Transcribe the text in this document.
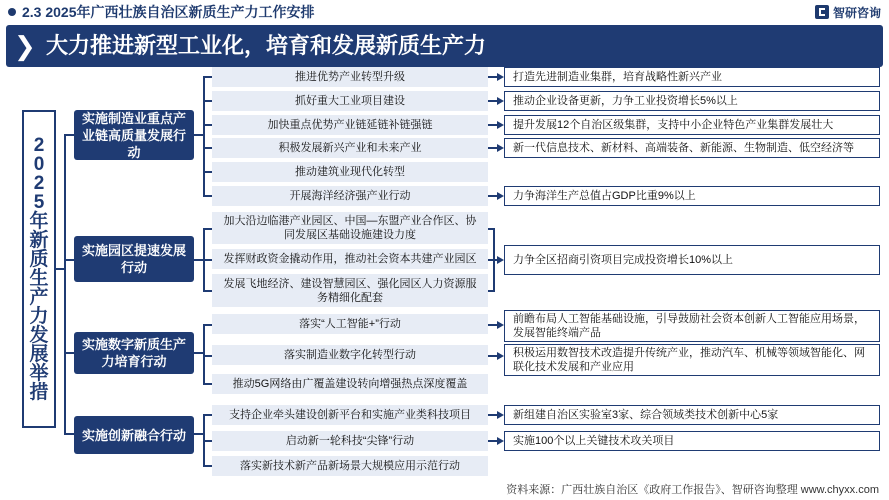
2.3 2025年广西壮族自治区新质生产力工作安排	智研咨询
❯ 大力推进新型工业化，培育和发展新质生产力
2
0
2
5
年
新
质
生
产
力
发
展
举
措
实施制造业重点产业链高质量发展行动
实施园区提速发展行动
实施数字新质生产力培育行动
实施创新融合行动
推进优势产业转型升级
抓好重大工业项目建设
加快重点优势产业链延链补链强链
积极发展新兴产业和未来产业
推动建筑业现代化转型
开展海洋经济强产业行动
加大沿边临港产业园区、中国—东盟产业合作区、协同发展区基础设施建设力度
发挥财政资金撬动作用，推动社会资本共建产业园区
发展飞地经济、建设智慧园区、强化园区人力资源服务精细化配套
落实“人工智能+”行动
落实制造业数字化转型行动
推动5G网络由广覆盖建设转向增强热点深度覆盖
支持企业牵头建设创新平台和实施产业类科技项目
启动新一轮科技“尖锋”行动
落实新技术新产品新场景大规模应用示范行动
打造先进制造业集群，培育战略性新兴产业
推动企业设备更新，力争工业投资增长5%以上
提升发展12个自治区级集群，支持中小企业特色产业集群发展壮大
新一代信息技术、新材料、高端装备、新能源、生物制造、低空经济等
力争海洋生产总值占GDP比重9%以上
力争全区招商引资项目完成投资增长10%以上
前瞻布局人工智能基础设施，引导鼓励社会资本创新人工智能应用场景，发展智能终端产品
积极运用数智技术改造提升传统产业，推动汽车、机械等领域智能化、网联化技术发展和产业应用
新组建自治区实验室3家、综合领域类技术创新中心5家
实施100个以上关键技术攻关项目
资料来源：广西壮族自治区《政府工作报告》、智研咨询整理 www.chyxx.com
